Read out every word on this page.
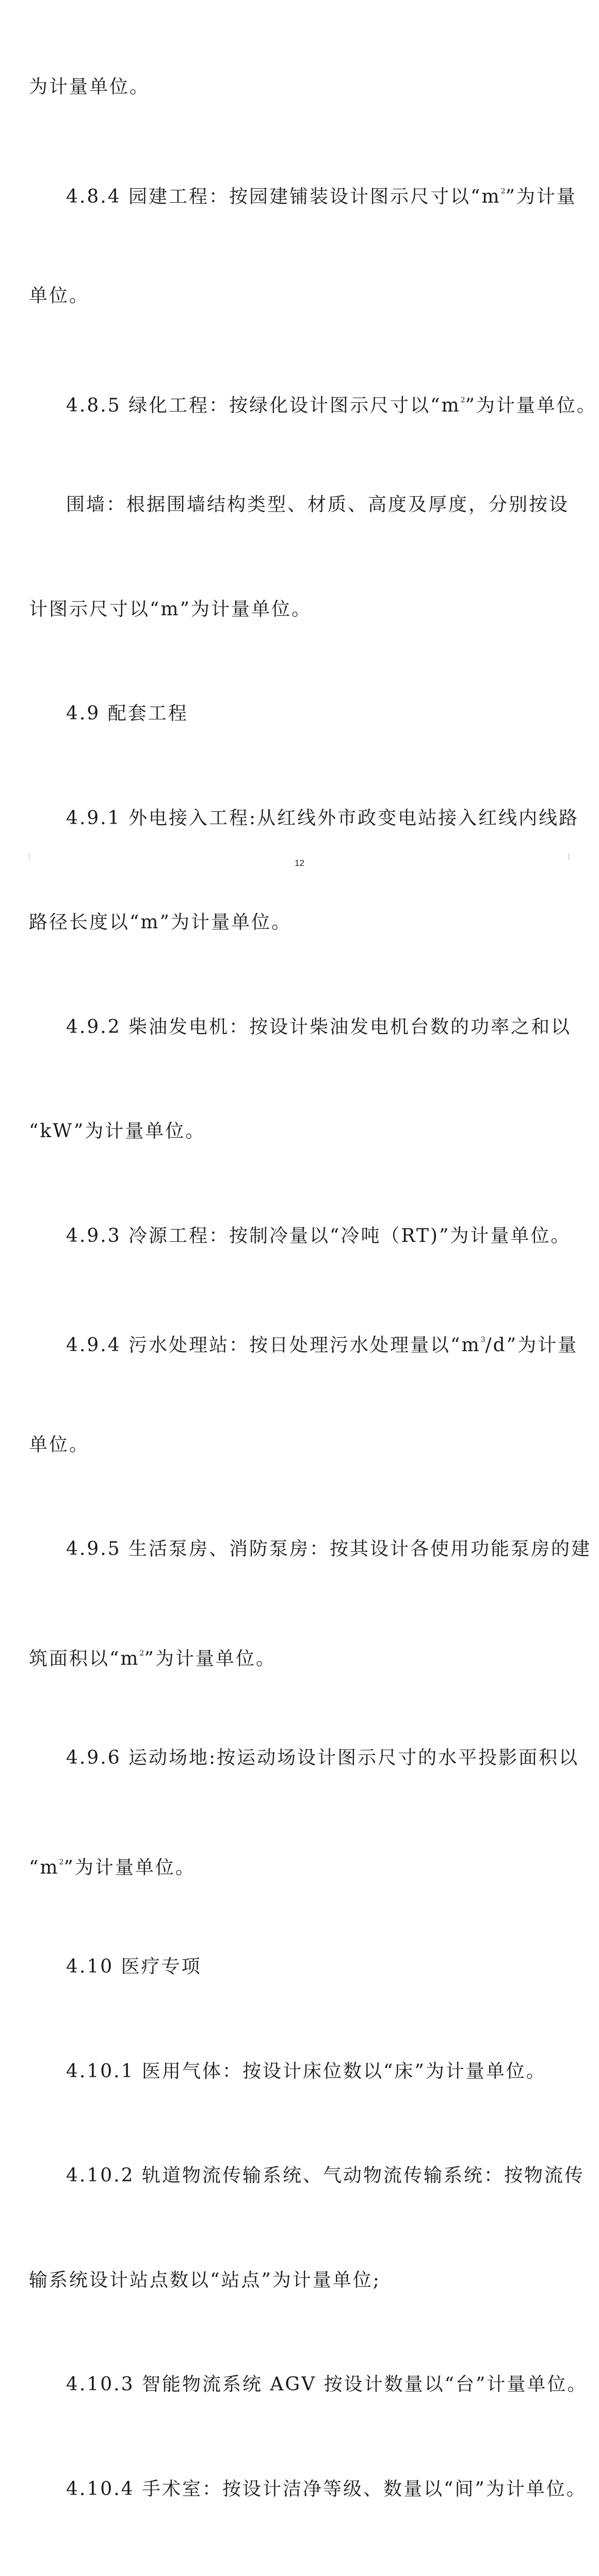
为计量单位。

4.8.4 园建工程：按园建铺装设计图示尺寸以“$m^2$”为计量

单位。

4.8.5 绿化工程：按绿化设计图示尺寸以“$m^2$”为计量单位。

围墙：根据围墙结构类型、材质、高度及厚度，分别按设

计图示尺寸以“m”为计量单位。

4.9 配套工程

4.9.1 外电接入工程:从红线外市政变电站接入红线内线路

路径长度以“m”为计量单位。

4.9.2 柴油发电机：按设计柴油发电机台数的功率之和以

“kW”为计量单位。

4.9.3 冷源工程：按制冷量以“冷吨（RT)”为计量单位。

4.9.4 污水处理站：按日处理污水处理量以“$m^3/d$”为计量

单位。

4.9.5 生活泵房、消防泵房：按其设计各使用功能泵房的建

筑面积以“$m^2$”为计量单位。

4.9.6 运动场地:按运动场设计图示尺寸的水平投影面积以

“$m^2$”为计量单位。

4.10 医疗专项

4.10.1 医用气体：按设计床位数以“床”为计量单位。

4.10.2 轨道物流传输系统、气动物流传输系统：按物流传

输系统设计站点数以“站点”为计量单位;

4.10.3 智能物流系统 AGV 按设计数量以“台”计量单位。

4.10.4 手术室：按设计洁净等级、数量以“间”为计单位。

12
